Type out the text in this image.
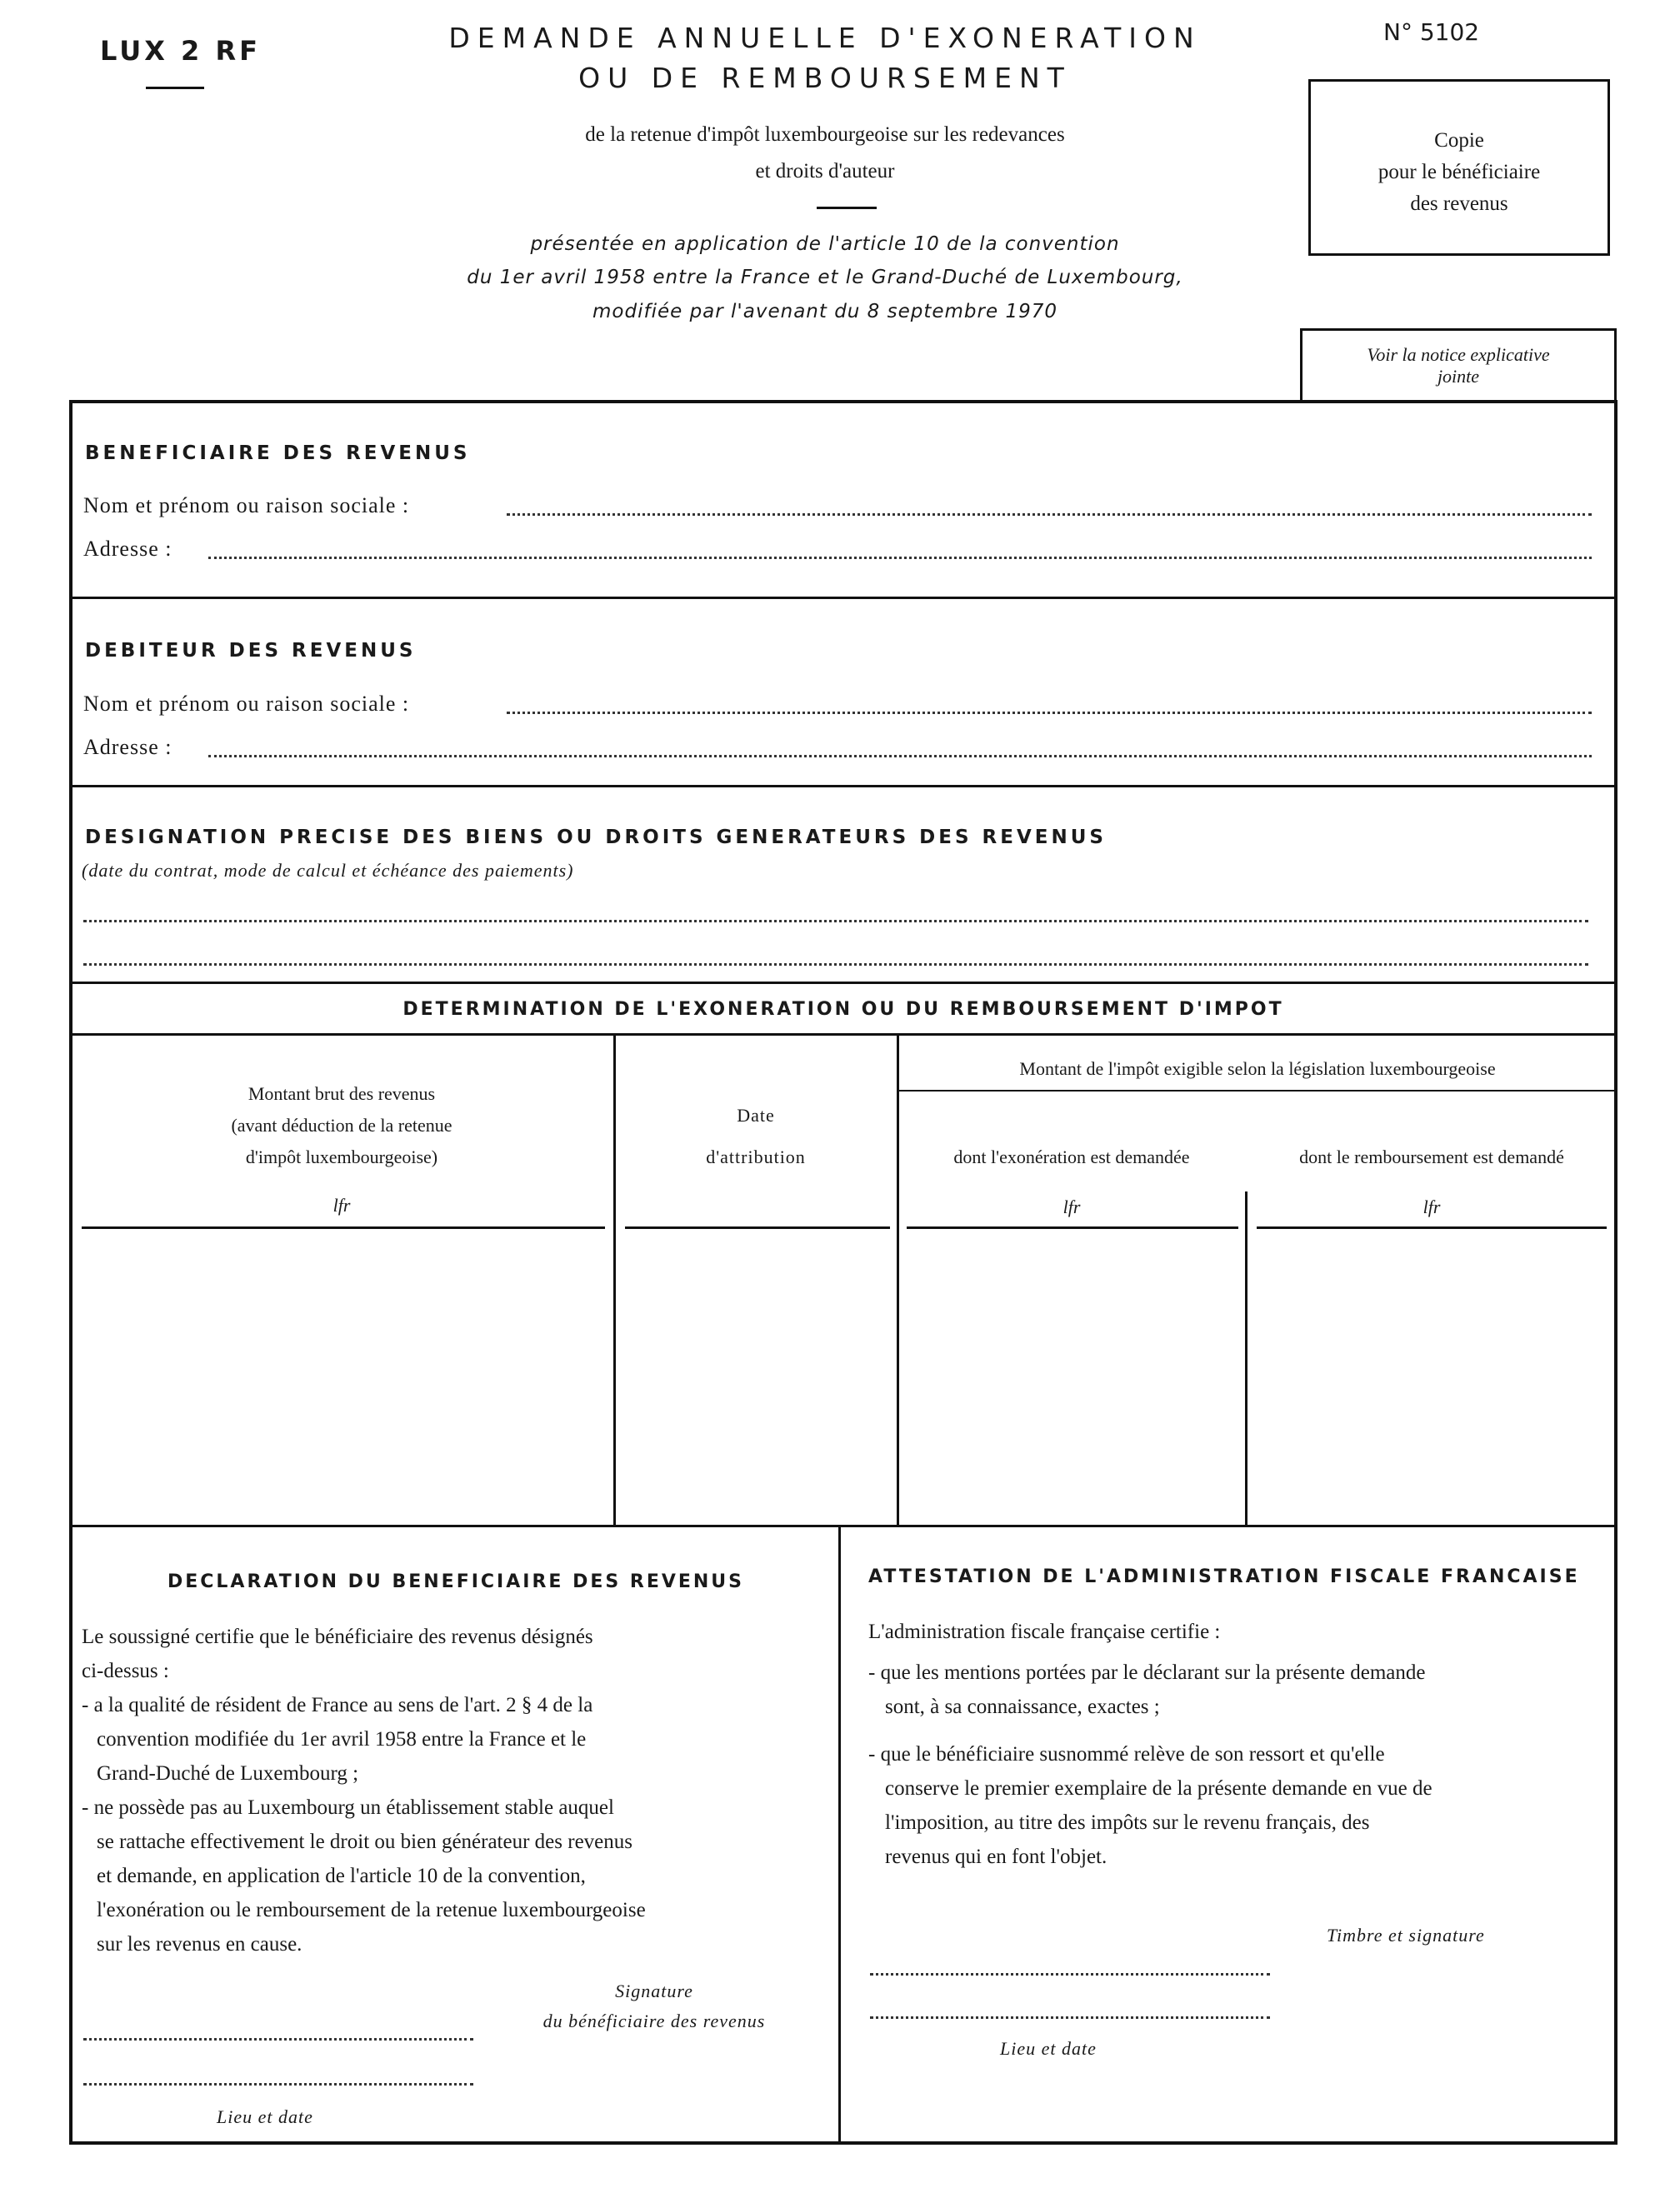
LUX 2 RF	DEMANDE ANNUELLE D'EXONERATION
OU DE REMBOURSEMENT
de la retenue d'impôt luxembourgeoise sur les redevances
et droits d'auteur
présentée en application de l'article 10 de la convention
du 1er avril 1958 entre la France et le Grand-Duché de Luxembourg,
modifiée par l'avenant du 8 septembre 1970
N° 5102
Copie
pour le bénéficiaire
des revenus
Voir la notice explicative
jointe
BENEFICIAIRE DES REVENUS
Nom et prénom ou raison sociale :
Adresse :
DEBITEUR DES REVENUS
Nom et prénom ou raison sociale :
Adresse :
DESIGNATION PRECISE DES BIENS OU DROITS GENERATEURS DES REVENUS
(date du contrat, mode de calcul et échéance des paiements)
DETERMINATION DE L'EXONERATION OU DU REMBOURSEMENT D'IMPOT
Montant brut des revenus
(avant déduction de la retenue
d'impôt luxembourgeoise)
lfr
Date
d'attribution
Montant de l'impôt exigible selon la législation luxembourgeoise
dont l'exonération est demandée
lfr
dont le remboursement est demandé
lfr
DECLARATION DU BENEFICIAIRE DES REVENUS
Le soussigné certifie que le bénéficiaire des revenus désignés
ci-dessus :
- a la qualité de résident de France au sens de l'art. 2 § 4 de la
convention modifiée du 1er avril 1958 entre la France et le
Grand-Duché de Luxembourg ;
- ne possède pas au Luxembourg un établissement stable auquel
se rattache effectivement le droit ou bien générateur des revenus
et demande, en application de l'article 10 de la convention,
l'exonération ou le remboursement de la retenue luxembourgeoise
sur les revenus en cause.
Signature
du bénéficiaire des revenus
Lieu et date
ATTESTATION DE L'ADMINISTRATION FISCALE FRANCAISE
L'administration fiscale française certifie :
- que les mentions portées par le déclarant sur la présente demande
sont, à sa connaissance, exactes ;
- que le bénéficiaire susnommé relève de son ressort et qu'elle
conserve le premier exemplaire de la présente demande en vue de
l'imposition, au titre des impôts sur le revenu français, des
revenus qui en font l'objet.
Timbre et signature
Lieu et date
